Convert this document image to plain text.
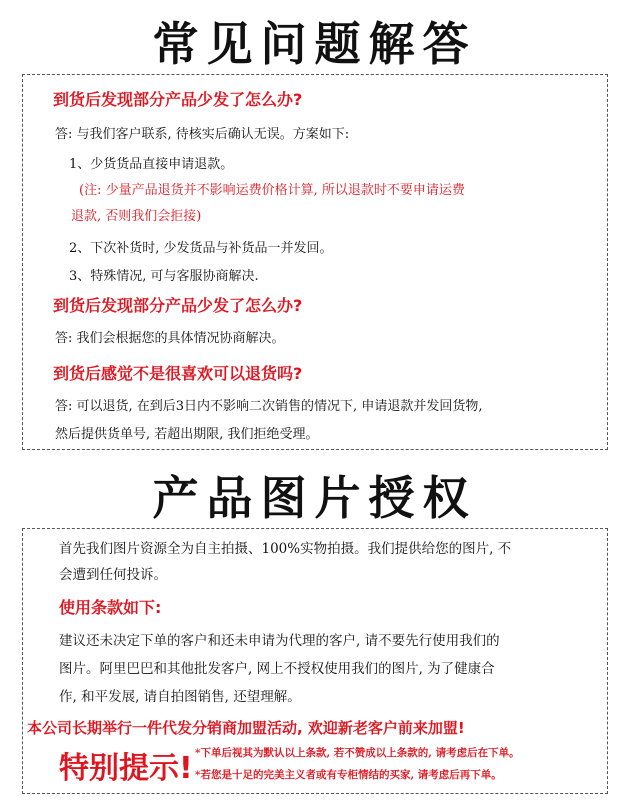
常见问题解答
到货后发现部分产品少发了怎么办?
答: 与我们客户联系, 待核实后确认无误。方案如下:
1、少货货品直接申请退款。
(注: 少量产品退货并不影响运费价格计算, 所以退款时不要申请运费
退款, 否则我们会拒接)
2、下次补货时, 少发货品与补货品一并发回。
3、特殊情况, 可与客服协商解决.
到货后发现部分产品少发了怎么办?
答: 我们会根据您的具体情况协商解决。
到货后感觉不是很喜欢可以退货吗?
答: 可以退货, 在到后3日内不影响二次销售的情况下, 申请退款并发回货物,
然后提供货单号, 若超出期限, 我们拒绝受理。
产品图片授权
首先我们图片资源全为自主拍摄、100%实物拍摄。我们提供给您的图片, 不
会遭到任何投诉。
使用条款如下:
建议还未决定下单的客户和还未申请为代理的客户, 请不要先行使用我们的
图片。阿里巴巴和其他批发客户, 网上不授权使用我们的图片, 为了健康合
作, 和平发展, 请自拍图销售, 还望理解。
本公司长期举行一件代发分销商加盟活动, 欢迎新老客户前来加盟!
特别提示! *下单后视其为默认以上条款, 若不赞成以上条款的, 请考虑后在下单。
*若您是十足的完美主义者或有专柜情结的买家, 请考虑后再下单。
